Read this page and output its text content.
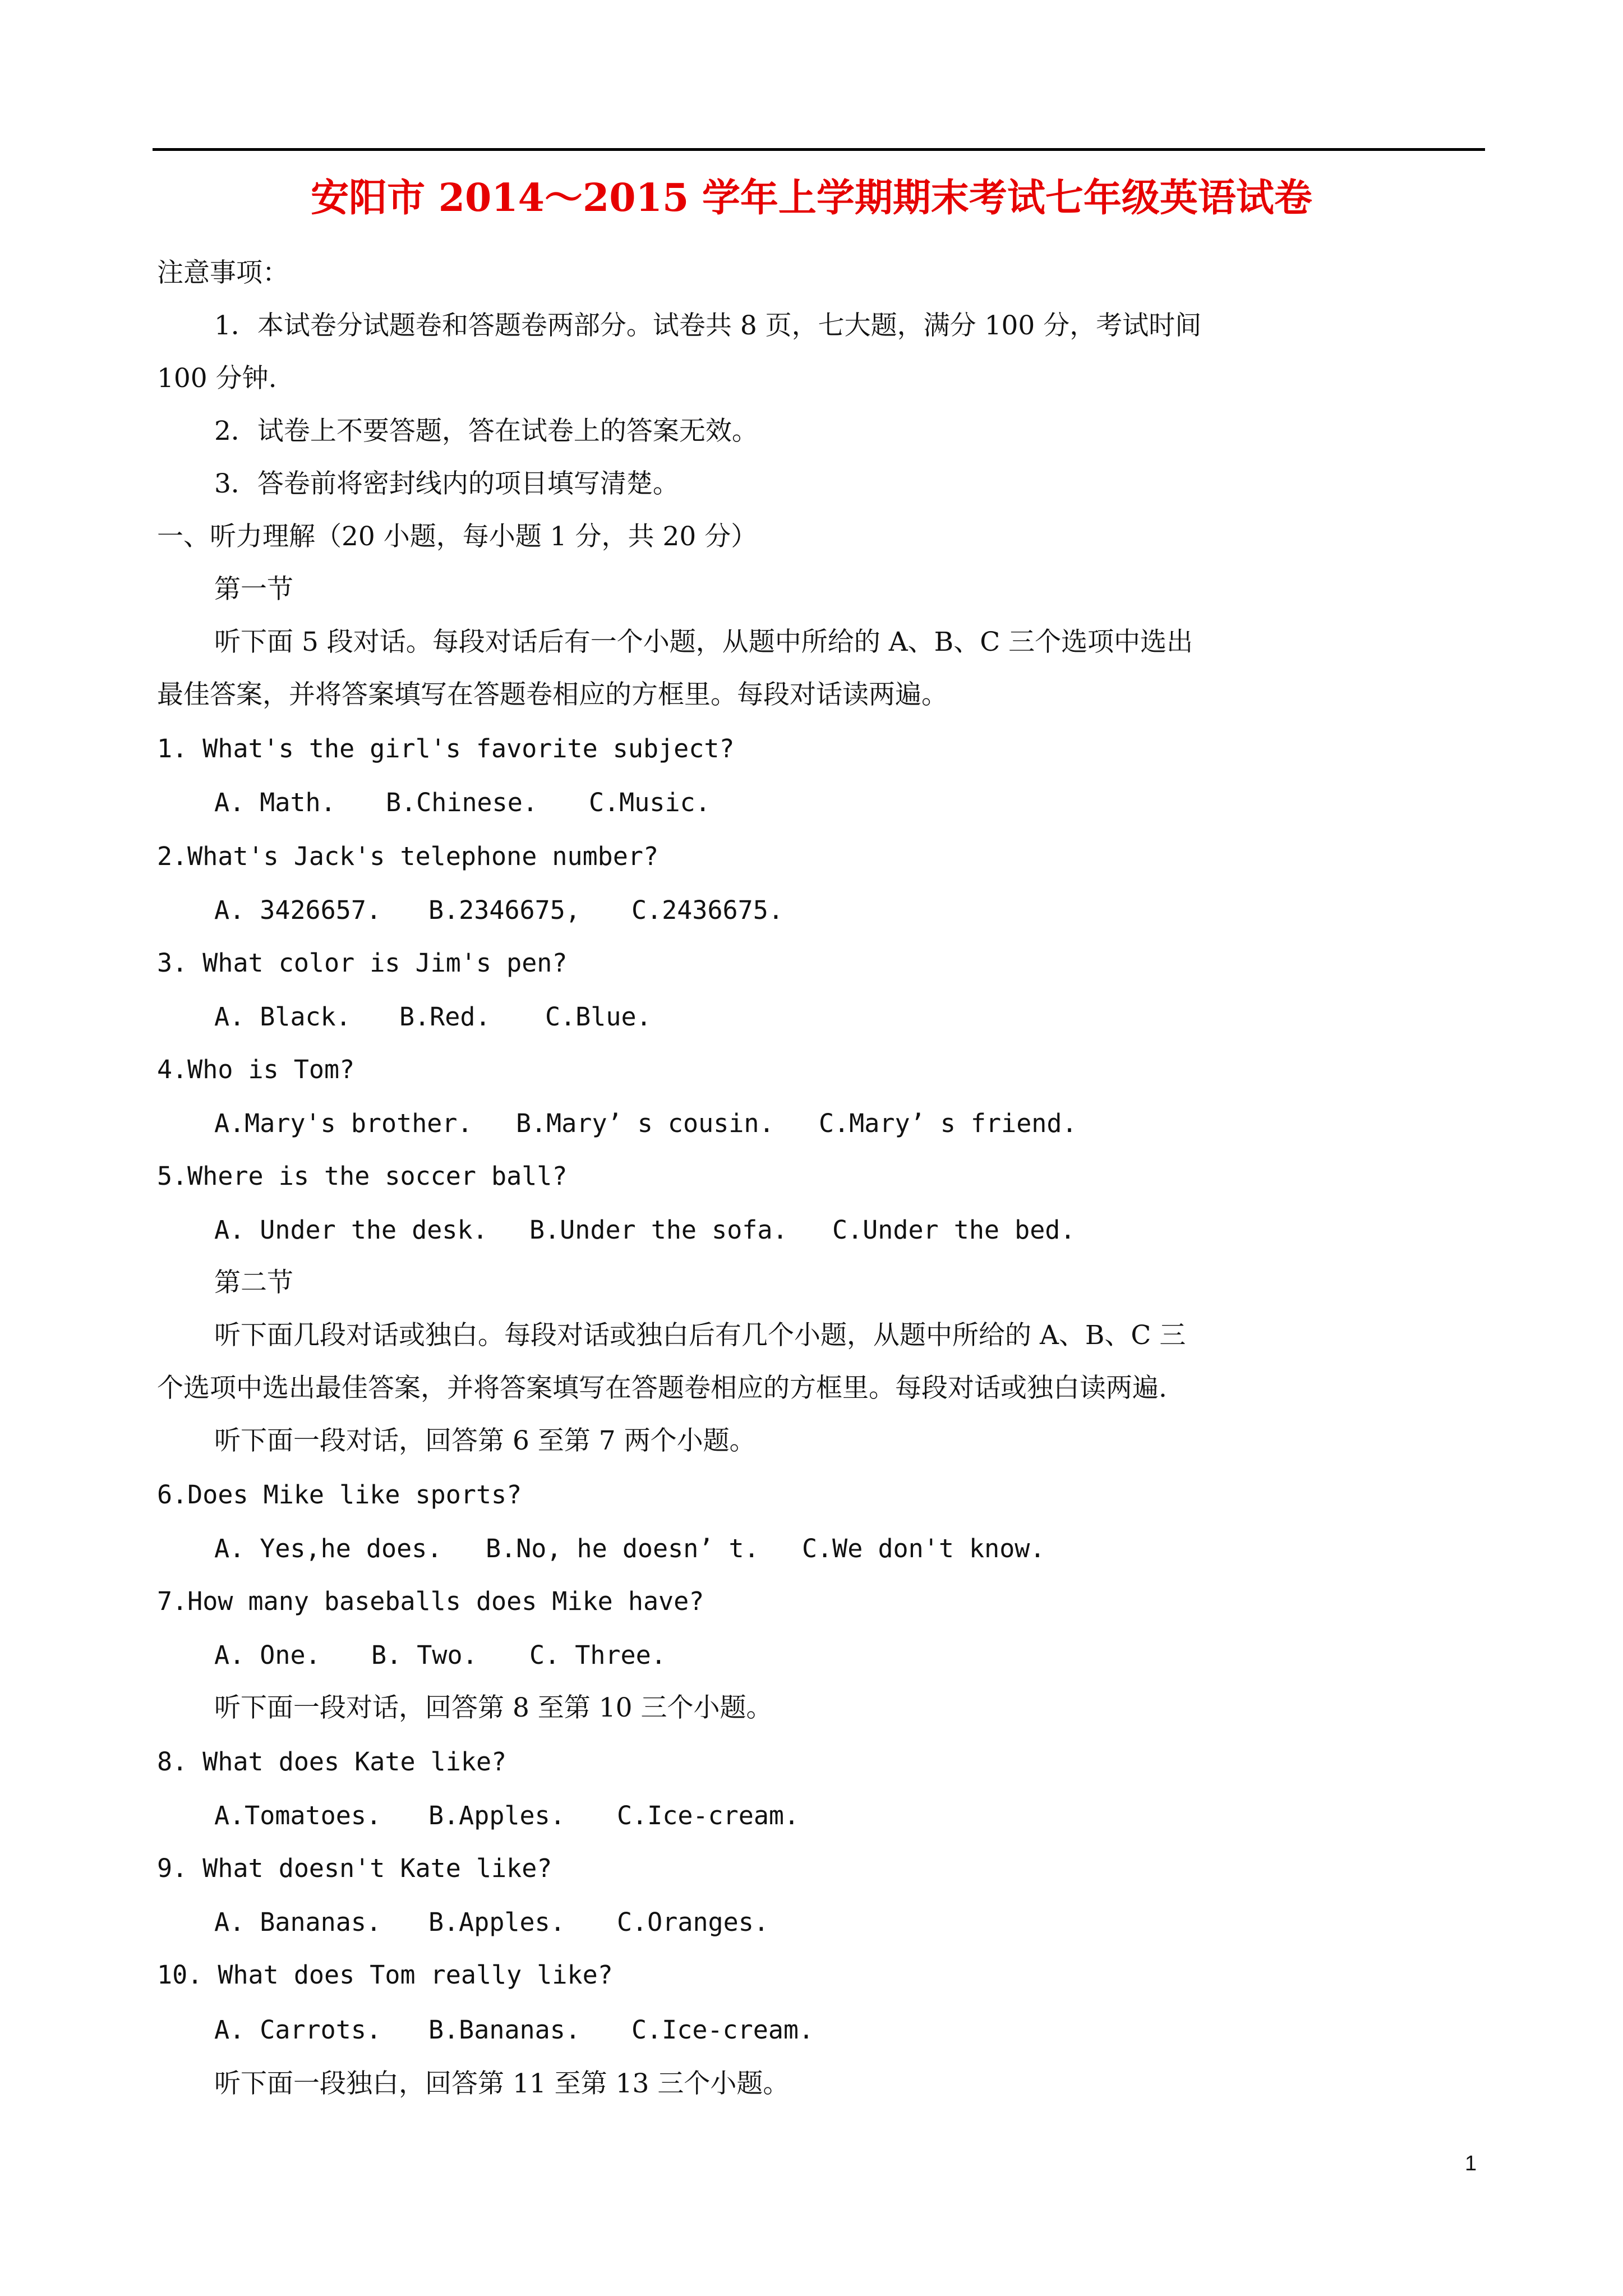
安阳市 2014～2015 学年上学期期末考试七年级英语试卷
注意事项：
1．本试卷分试题卷和答题卷两部分。试卷共 8 页，七大题，满分 100 分，考试时间
100 分钟.
2．试卷上不要答题，答在试卷上的答案无效。
3．答卷前将密封线内的项目填写清楚。
一、听力理解（20 小题，每小题 1 分，共 20 分）
第一节
听下面 5 段对话。每段对话后有一个小题，从题中所给的 A、B、C 三个选项中选出
最佳答案，并将答案填写在答题卷相应的方框里。每段对话读两遍。
1. What's the girl's favorite subject?
A. Math. B.Chinese. C.Music.
2.What's Jack's telephone number?
A. 3426657. B.2346675, C.2436675.
3. What color is Jim's pen?
A. Black. B.Red. C.Blue.
4.Who is Tom?
A.Mary's brother. B.Mary’ s cousin. C.Mary’ s friend.
5.Where is the soccer ball?
A. Under the desk. B.Under the sofa. C.Under the bed.
第二节
听下面几段对话或独白。每段对话或独白后有几个小题，从题中所给的 A、B、C 三
个选项中选出最佳答案，并将答案填写在答题卷相应的方框里。每段对话或独白读两遍.
听下面一段对话，回答第 6 至第 7 两个小题。
6.Does Mike like sports?
A. Yes,he does. B.No, he doesn’ t. C.We don't know.
7.How many baseballs does Mike have?
A. One. B. Two. C. Three.
听下面一段对话，回答第 8 至第 10 三个小题。
8. What does Kate like?
A.Tomatoes. B.Apples. C.Ice-cream.
9. What doesn't Kate like?
A. Bananas. B.Apples. C.Oranges.
10. What does Tom really like?
A. Carrots. B.Bananas. C.Ice-cream.
听下面一段独白，回答第 11 至第 13 三个小题。
1
